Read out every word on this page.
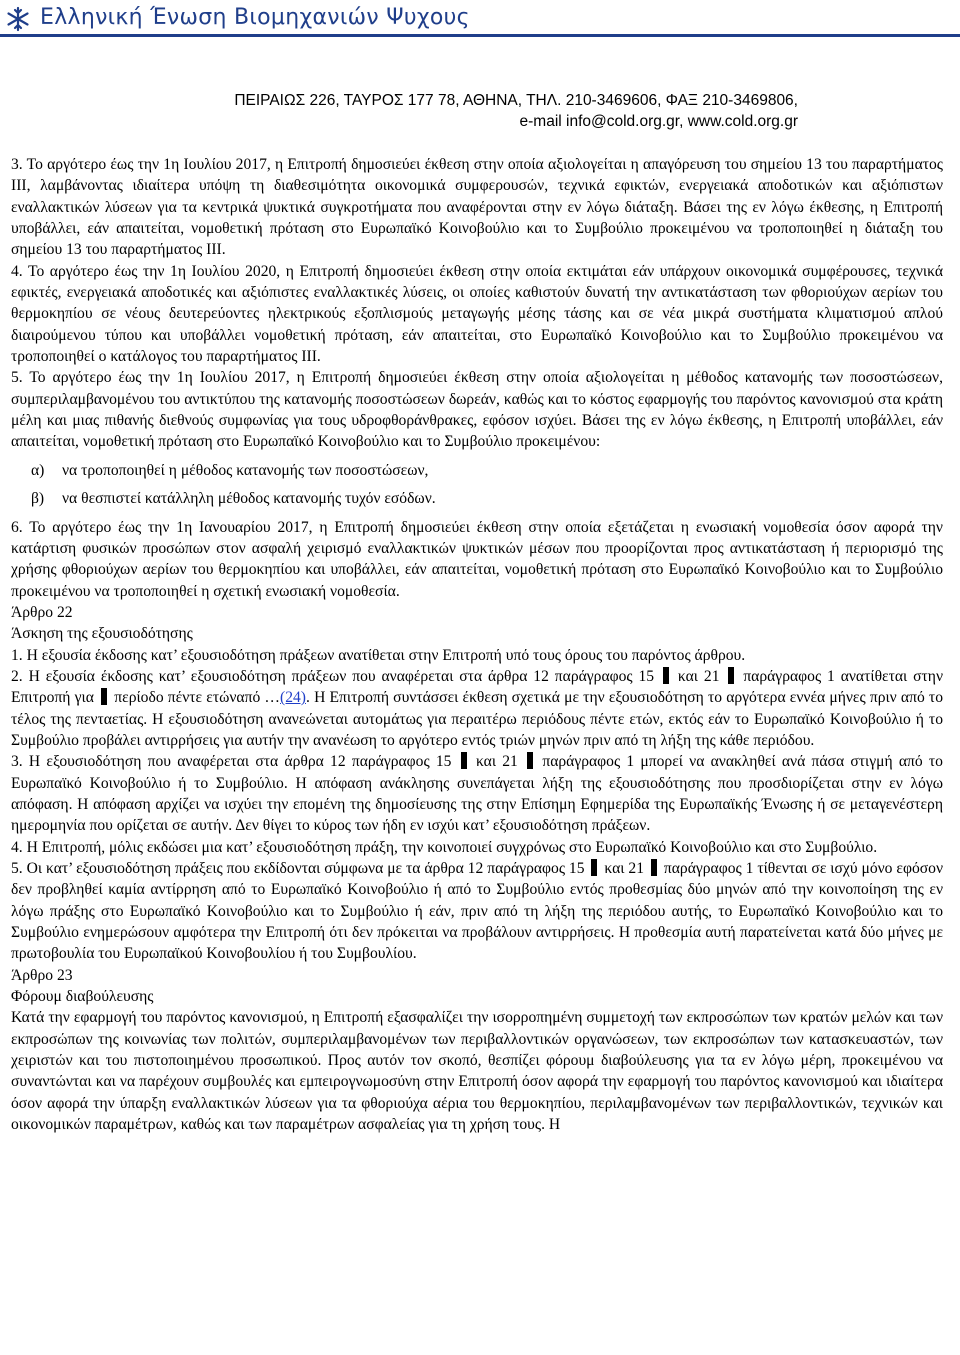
Ελληνική Ένωση Βιομηχανιών Ψυχους
ΠΕΙΡΑΙΩΣ 226, ΤΑΥΡΟΣ 177 78, ΑΘΗΝΑ, ΤΗΛ. 210-3469606, ΦΑΞ 210-3469806,
e-mail info@cold.org.gr, www.cold.org.gr

3. Το αργότερο έως την 1η Ιουλίου 2017, η Επιτροπή δημοσιεύει έκθεση στην οποία αξιολογείται η απαγόρευση του σημείου 13 του παραρτήματος ΙΙΙ, λαμβάνοντας ιδιαίτερα υπόψη τη διαθεσιμότητα οικονομικά συμφερουσών, τεχνικά εφικτών, ενεργειακά αποδοτικών και αξιόπιστων εναλλακτικών λύσεων για τα κεντρικά ψυκτικά συγκροτήματα που αναφέρονται στην εν λόγω διάταξη. Βάσει της εν λόγω έκθεσης, η Επιτροπή υποβάλλει, εάν απαιτείται, νομοθετική πρόταση στο Ευρωπαϊκό Κοινοβούλιο και το Συμβούλιο προκειμένου να τροποποιηθεί η διάταξη του σημείου 13 του παραρτήματος ΙΙΙ.

4. Το αργότερο έως την 1η Ιουλίου 2020, η Επιτροπή δημοσιεύει έκθεση στην οποία εκτιμάται εάν υπάρχουν οικονομικά συμφέρουσες, τεχνικά εφικτές, ενεργειακά αποδοτικές και αξιόπιστες εναλλακτικές λύσεις, οι οποίες καθιστούν δυνατή την αντικατάσταση των φθοριούχων αερίων του θερμοκηπίου σε νέους δευτερεύοντες ηλεκτρικούς εξοπλισμούς μεταγωγής μέσης τάσης και σε νέα μικρά συστήματα κλιματισμού απλού διαιρούμενου τύπου και υποβάλλει νομοθετική πρόταση, εάν απαιτείται, στο Ευρωπαϊκό Κοινοβούλιο και το Συμβούλιο προκειμένου να τροποποιηθεί ο κατάλογος του παραρτήματος ΙΙΙ.

5. Το αργότερο έως την 1η Ιουλίου 2017, η Επιτροπή δημοσιεύει έκθεση στην οποία αξιολογείται η μέθοδος κατανομής των ποσοστώσεων, συμπεριλαμβανομένου του αντικτύπου της κατανομής ποσοστώσεων δωρεάν, καθώς και το κόστος εφαρμογής του παρόντος κανονισμού στα κράτη μέλη και μιας πιθανής διεθνούς συμφωνίας για τους υδροφθοράνθρακες, εφόσον ισχύει. Βάσει της εν λόγω έκθεσης, η Επιτροπή υποβάλλει, εάν απαιτείται, νομοθετική πρόταση στο Ευρωπαϊκό Κοινοβούλιο και το Συμβούλιο προκειμένου:

α) να τροποποιηθεί η μέθοδος κατανομής των ποσοστώσεων,

β) να θεσπιστεί κατάλληλη μέθοδος κατανομής τυχόν εσόδων.

6. Το αργότερο έως την 1η Ιανουαρίου 2017, η Επιτροπή δημοσιεύει έκθεση στην οποία εξετάζεται η ενωσιακή νομοθεσία όσον αφορά την κατάρτιση φυσικών προσώπων στον ασφαλή χειρισμό εναλλακτικών ψυκτικών μέσων που προορίζονται προς αντικατάσταση ή περιορισμό της χρήσης φθοριούχων αερίων του θερμοκηπίου και υποβάλλει, εάν απαιτείται, νομοθετική πρόταση στο Ευρωπαϊκό Κοινοβούλιο και το Συμβούλιο προκειμένου να τροποποιηθεί η σχετική ενωσιακή νομοθεσία.

Άρθρο 22

Άσκηση της εξουσιοδότησης

1. Η εξουσία έκδοσης κατ’ εξουσιοδότηση πράξεων ανατίθεται στην Επιτροπή υπό τους όρους του παρόντος άρθρου.

2. Η εξουσία έκδοσης κατ’ εξουσιοδότηση πράξεων που αναφέρεται στα άρθρα 12 παράγραφος 15 και 21 παράγραφος 1 ανατίθεται στην Επιτροπή για περίοδο πέντε ετώναπό …(24). Η Επιτροπή συντάσσει έκθεση σχετικά με την εξουσιοδότηση το αργότερα εννέα μήνες πριν από το τέλος της πενταετίας. Η εξουσιοδότηση ανανεώνεται αυτομάτως για περαιτέρω περιόδους πέντε ετών, εκτός εάν το Ευρωπαϊκό Κοινοβούλιο ή το Συμβούλιο προβάλει αντιρρήσεις για αυτήν την ανανέωση το αργότερο εντός τριών μηνών πριν από τη λήξη της κάθε περιόδου.

3. Η εξουσιοδότηση που αναφέρεται στα άρθρα 12 παράγραφος 15 και 21 παράγραφος 1 μπορεί να ανακληθεί ανά πάσα στιγμή από το Ευρωπαϊκό Κοινοβούλιο ή το Συμβούλιο. Η απόφαση ανάκλησης συνεπάγεται λήξη της εξουσιοδότησης που προσδιορίζεται στην εν λόγω απόφαση. Η απόφαση αρχίζει να ισχύει την επομένη της δημοσίευσης της στην Επίσημη Εφημερίδα της Ευρωπαϊκής Ένωσης ή σε μεταγενέστερη ημερομηνία που ορίζεται σε αυτήν. Δεν θίγει το κύρος των ήδη εν ισχύι κατ’ εξουσιοδότηση πράξεων.

4. Η Επιτροπή, μόλις εκδώσει μια κατ’ εξουσιοδότηση πράξη, την κοινοποιεί συγχρόνως στο Ευρωπαϊκό Κοινοβούλιο και στο Συμβούλιο.

5. Οι κατ’ εξουσιοδότηση πράξεις που εκδίδονται σύμφωνα με τα άρθρα 12 παράγραφος 15 και 21 παράγραφος 1 τίθενται σε ισχύ μόνο εφόσον δεν προβληθεί καμία αντίρρηση από το Ευρωπαϊκό Κοινοβούλιο ή από το Συμβούλιο εντός προθεσμίας δύο μηνών από την κοινοποίηση της εν λόγω πράξης στο Ευρωπαϊκό Κοινοβούλιο και το Συμβούλιο ή εάν, πριν από τη λήξη της περιόδου αυτής, το Ευρωπαϊκό Κοινοβούλιο και το Συμβούλιο ενημερώσουν αμφότερα την Επιτροπή ότι δεν πρόκειται να προβάλουν αντιρρήσεις. Η προθεσμία αυτή παρατείνεται κατά δύο μήνες με πρωτοβουλία του Ευρωπαϊκού Κοινοβουλίου ή του Συμβουλίου.

Άρθρο 23

Φόρουμ διαβούλευσης

Κατά την εφαρμογή του παρόντος κανονισμού, η Επιτροπή εξασφαλίζει την ισορροπημένη συμμετοχή των εκπροσώπων των κρατών μελών και των εκπροσώπων της κοινωνίας των πολιτών, συμπεριλαμβανομένων των περιβαλλοντικών οργανώσεων, των εκπροσώπων των κατασκευαστών, των χειριστών και του πιστοποιημένου προσωπικού. Προς αυτόν τον σκοπό, θεσπίζει φόρουμ διαβούλευσης για τα εν λόγω μέρη, προκειμένου να συναντώνται και να παρέχουν συμβουλές και εμπειρογνωμοσύνη στην Επιτροπή όσον αφορά την εφαρμογή του παρόντος κανονισμού και ιδιαίτερα όσον αφορά την ύπαρξη εναλλακτικών λύσεων για τα φθοριούχα αέρια του θερμοκηπίου, περιλαμβανομένων των περιβαλλοντικών, τεχνικών και οικονομικών παραμέτρων, καθώς και των παραμέτρων ασφαλείας για τη χρήση τους. Η
